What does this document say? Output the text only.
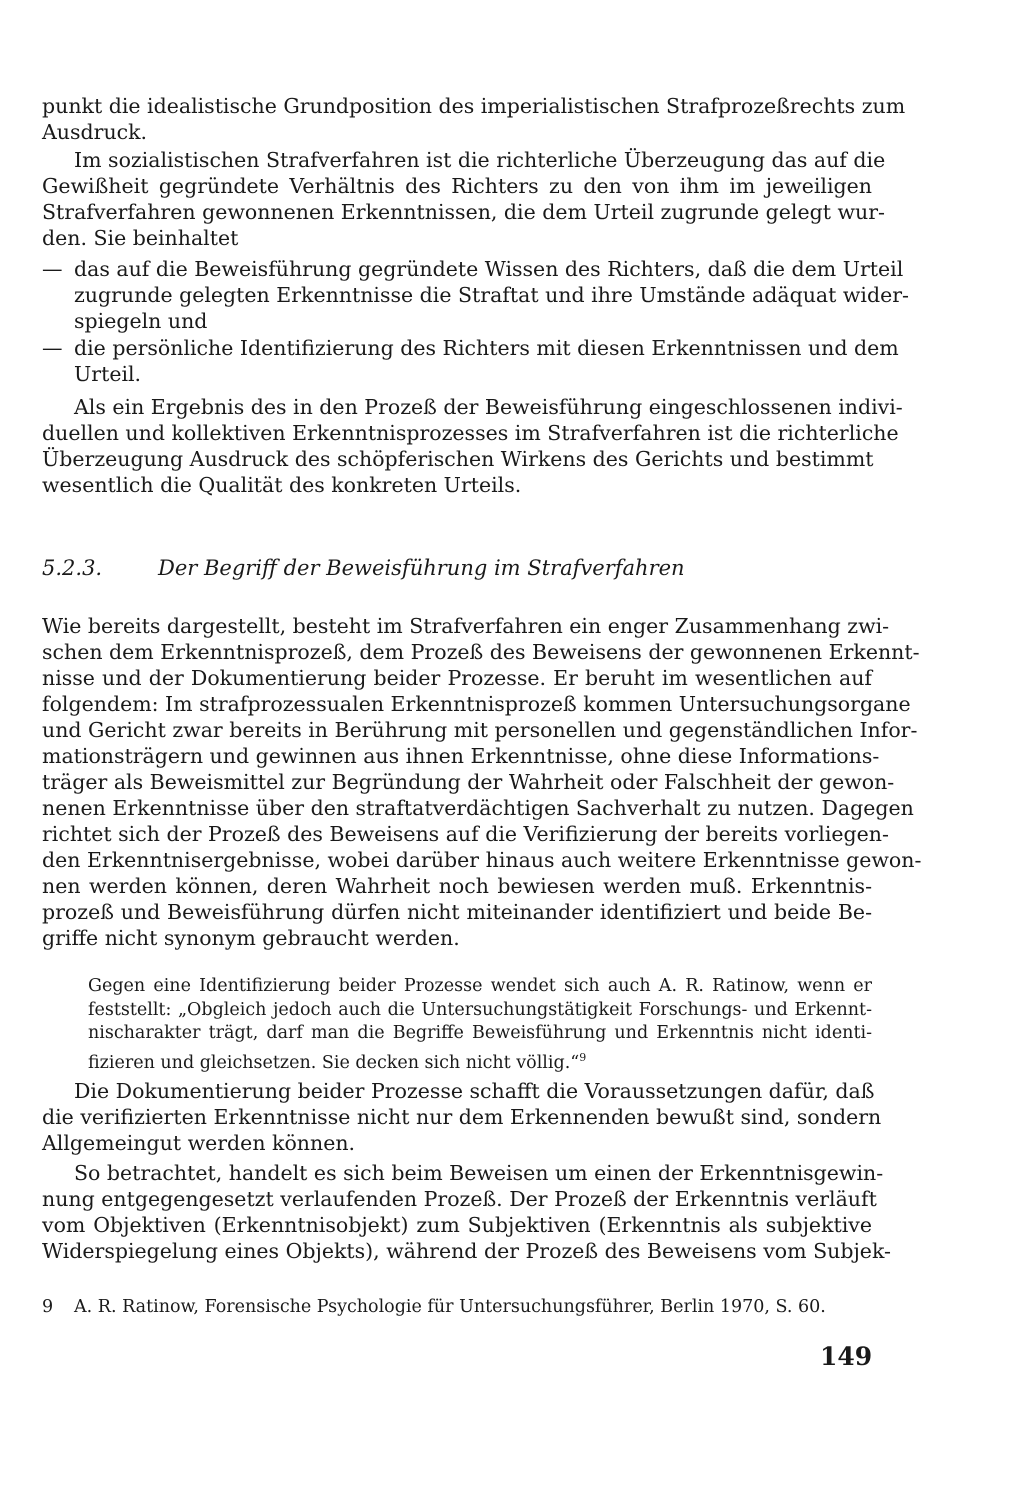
punkt die idealistische Grundposition des imperialistischen Strafprozeßrechts zum
Ausdruck.
Im sozialistischen Strafverfahren ist die richterliche Überzeugung das auf die
Gewißheit gegründete Verhältnis des Richters zu den von ihm im jeweiligen
Strafverfahren gewonnenen Erkenntnissen, die dem Urteil zugrunde gelegt wur-
den. Sie beinhaltet
— das auf die Beweisführung gegründete Wissen des Richters, daß die dem Urteil
zugrunde gelegten Erkenntnisse die Straftat und ihre Umstände adäquat wider-
spiegeln und
— die persönliche Identifizierung des Richters mit diesen Erkenntnissen und dem
Urteil.
Als ein Ergebnis des in den Prozeß der Beweisführung eingeschlossenen indivi-
duellen und kollektiven Erkenntnisprozesses im Strafverfahren ist die richterliche
Überzeugung Ausdruck des schöpferischen Wirkens des Gerichts und bestimmt
wesentlich die Qualität des konkreten Urteils.
5.2.3.	Der Begriff der Beweisführung im Strafverfahren
Wie bereits dargestellt, besteht im Strafverfahren ein enger Zusammenhang zwi-
schen dem Erkenntnisprozeß, dem Prozeß des Beweisens der gewonnenen Erkennt-
nisse und der Dokumentierung beider Prozesse. Er beruht im wesentlichen auf
folgendem: Im strafprozessualen Erkenntnisprozeß kommen Untersuchungsorgane
und Gericht zwar bereits in Berührung mit personellen und gegenständlichen Infor-
mationsträgern und gewinnen aus ihnen Erkenntnisse, ohne diese Informations-
träger als Beweismittel zur Begründung der Wahrheit oder Falschheit der gewon-
nenen Erkenntnisse über den straftatverdächtigen Sachverhalt zu nutzen. Dagegen
richtet sich der Prozeß des Beweisens auf die Verifizierung der bereits vorliegen-
den Erkenntnisergebnisse, wobei darüber hinaus auch weitere Erkenntnisse gewon-
nen werden können, deren Wahrheit noch bewiesen werden muß. Erkenntnis-
prozeß und Beweisführung dürfen nicht miteinander identifiziert und beide Be-
griffe nicht synonym gebraucht werden.
Gegen eine Identifizierung beider Prozesse wendet sich auch A. R. Ratinow, wenn er
feststellt: „Obgleich jedoch auch die Untersuchungstätigkeit Forschungs- und Erkennt-
nischarakter trägt, darf man die Begriffe Beweisführung und Erkenntnis nicht identi-
fizieren und gleichsetzen. Sie decken sich nicht völlig.“$^9$
Die Dokumentierung beider Prozesse schafft die Voraussetzungen dafür, daß
die verifizierten Erkenntnisse nicht nur dem Erkennenden bewußt sind, sondern
Allgemeingut werden können.
So betrachtet, handelt es sich beim Beweisen um einen der Erkenntnisgewin-
nung entgegengesetzt verlaufenden Prozeß. Der Prozeß der Erkenntnis verläuft
vom Objektiven (Erkenntnisobjekt) zum Subjektiven (Erkenntnis als subjektive
Widerspiegelung eines Objekts), während der Prozeß des Beweisens vom Subjek-
9 A. R. Ratinow, Forensische Psychologie für Untersuchungsführer, Berlin 1970, S. 60.
149
